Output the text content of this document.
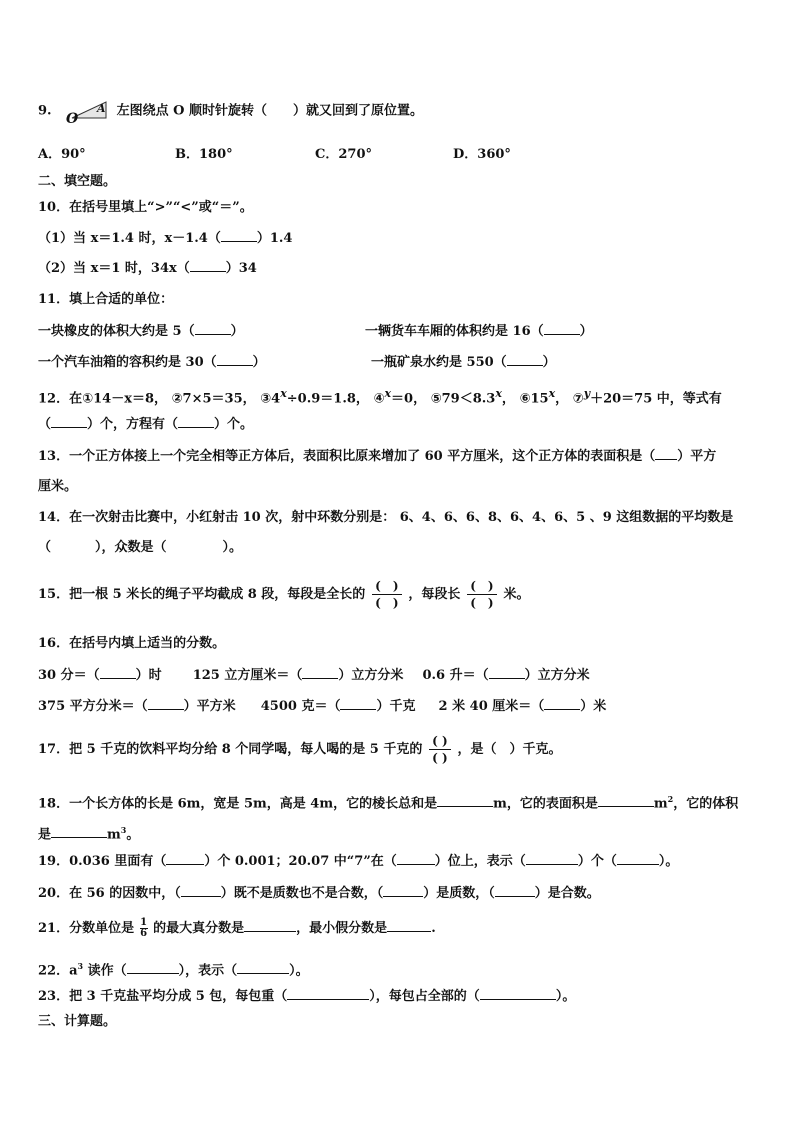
9. O
A 左图绕点 O 顺时针旋转（　　）就又回到了原位置。
A．90°	B．180°	C．270°	D．360°
二、填空题。
10．在括号里填上“>”“<”或“＝”。
（1）当 x＝1.4 时，x－1.4（	）1.4
（2）当 x＝1 时，34x（	）34
11．填上合适的单位：
一块橡皮的体积大约是 5（	）	一辆货车车厢的体积约是 16（	）
一个汽车油箱的容积约是 30（	）	一瓶矿泉水约是 550（	）
12．在①14－x＝8， ②7×5＝35， $③4^x\div 0.9=1.8$， ④$^x$＝0， $⑤79<8.3^x$， ⑥15$^x$， ⑦$^y$＋20＝75 中，等式有
（	）个，方程有（	）个。
13．一个正方体接上一个完全相等正方体后，表面积比原来增加了 60 平方厘米，这个正方体的表面积是（ ）平方
厘米。
14．在一次射击比赛中，小红射击 10 次，射中环数分别是： 6、4、6、6、8、6、4、6、5 、9 这组数据的平均数是
（	），众数是（	）。
15．把一根 5 米长的绳子平均截成 8 段，每段是全长的 $\frac{( )}{( )}$ ，每段长 $\frac{( )}{( )}$ 米。
16．在括号内填上适当的分数。
30 分＝（	）时 125 立方厘米＝（	）立方分米 0.6 升＝（	）立方分米
375 平方分米＝（	）平方米 4500 克＝（	）千克 2 米 40 厘米＝（	）米
17．把 5 千克的饮料平均分给 8 个同学喝，每人喝的是 5 千克的 $\frac{( )}{( )}$ ，是（　）千克。
18．一个长方体的长是 6m，宽是 5m，高是 4m，它的棱长总和是	m，它的表面积是	$m^2$，它的体积
是	$m^3$。
19．0.036 里面有（	）个 0.001；20.07 中“7”在（	）位上，表示（	）个（	）。
20．在 56 的因数中，（	）既不是质数也不是合数，（	）是质数，（	）是合数。
21．分数单位是 $\frac{1}{6}$ 的最大真分数是	，最小假分数是	.
22．$a^3$ 读作（	），表示（	）。
23．把 3 千克盐平均分成 5 包，每包重（	），每包占全部的（	）。
三、计算题。
